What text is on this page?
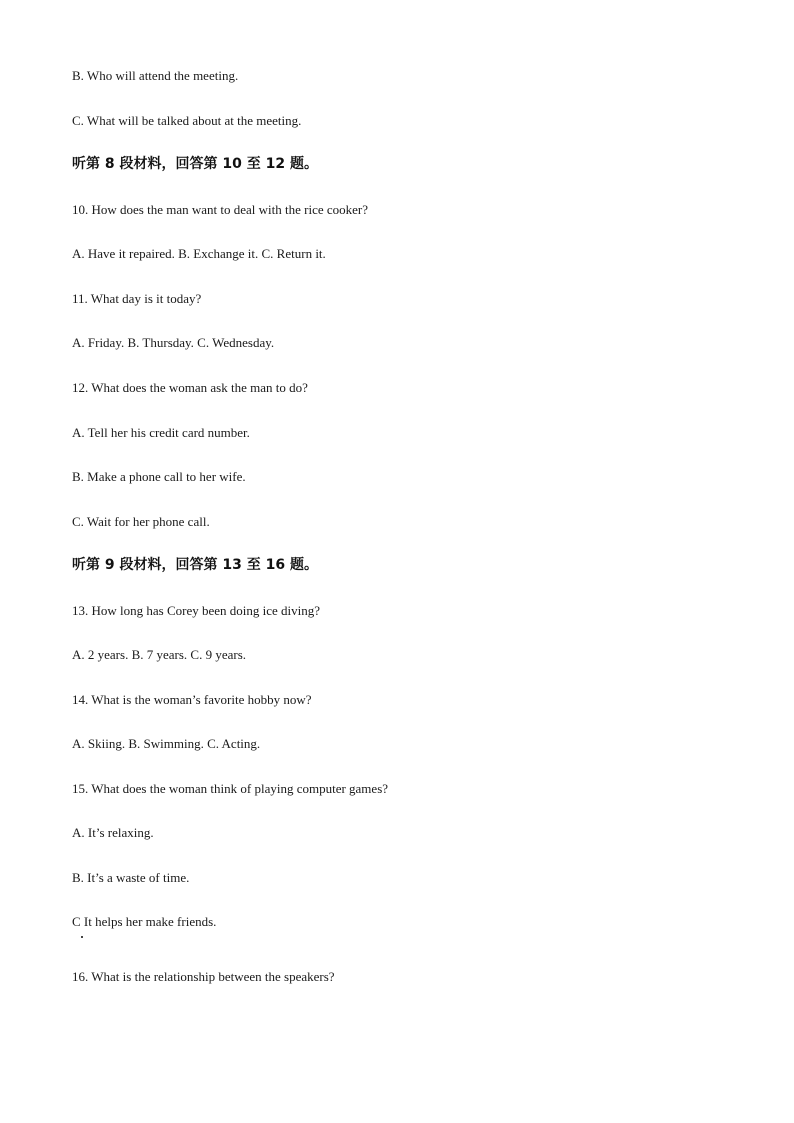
B. Who will attend the meeting.
C. What will be talked about at the meeting.
听第 8 段材料，回答第 10 至 12 题。
10. How does the man want to deal with the rice cooker?
A. Have it repaired. B. Exchange it. C. Return it.
11. What day is it today?
A. Friday. B. Thursday. C. Wednesday.
12. What does the woman ask the man to do?
A. Tell her his credit card number.
B. Make a phone call to her wife.
C. Wait for her phone call.
听第 9 段材料，回答第 13 至 16 题。
13. How long has Corey been doing ice diving?
A. 2 years. B. 7 years. C. 9 years.
14. What is the woman’s favorite hobby now?
A. Skiing. B. Swimming. C. Acting.
15. What does the woman think of playing computer games?
A. It’s relaxing.
B. It’s a waste of time.
C It helps her make friends.
16. What is the relationship between the speakers?
